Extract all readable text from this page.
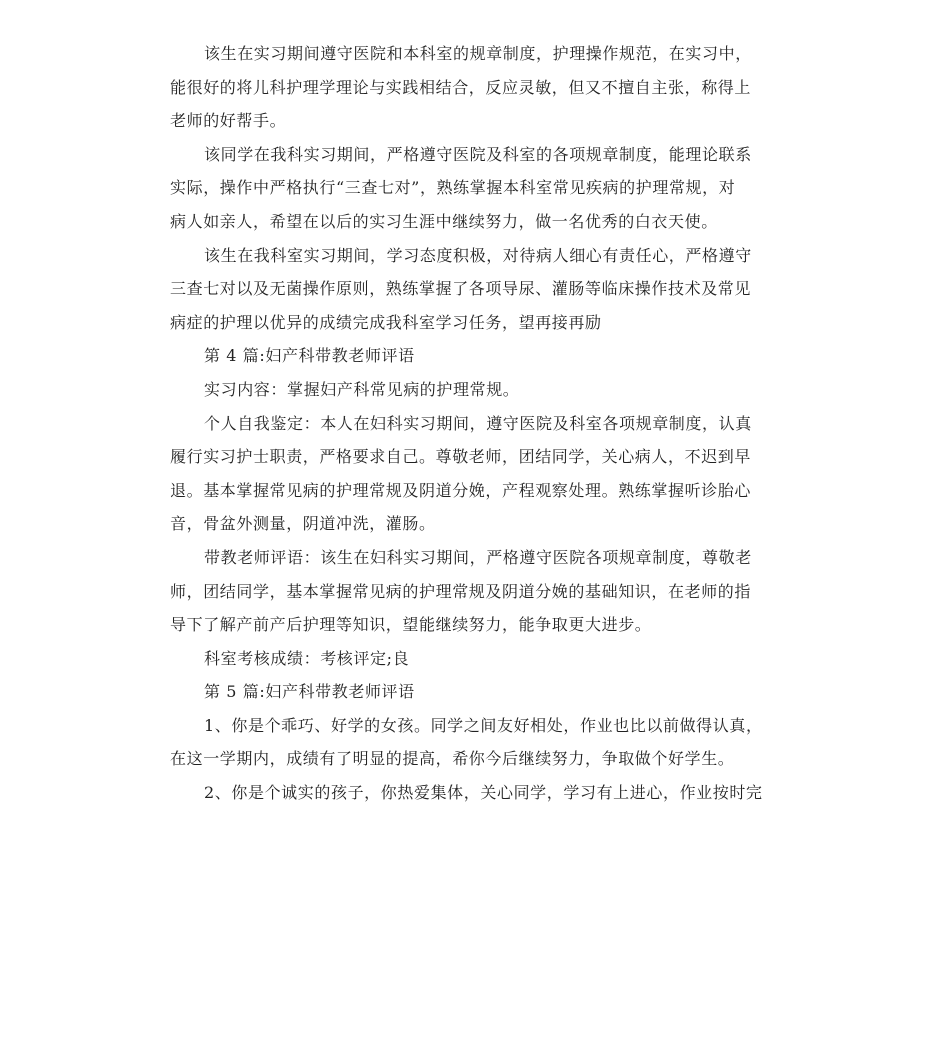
该生在实习期间遵守医院和本科室的规章制度，护理操作规范，在实习中，
能很好的将儿科护理学理论与实践相结合，反应灵敏，但又不擅自主张，称得上
老师的好帮手。

该同学在我科实习期间，严格遵守医院及科室的各项规章制度，能理论联系
实际，操作中严格执行“三查七对”，熟练掌握本科室常见疾病的护理常规，对
病人如亲人，希望在以后的实习生涯中继续努力，做一名优秀的白衣天使。

该生在我科室实习期间，学习态度积极，对待病人细心有责任心，严格遵守
三查七对以及无菌操作原则，熟练掌握了各项导尿、灌肠等临床操作技术及常见
病症的护理以优异的成绩完成我科室学习任务，望再接再励

第 4 篇:妇产科带教老师评语

实习内容：掌握妇产科常见病的护理常规。

个人自我鉴定：本人在妇科实习期间，遵守医院及科室各项规章制度，认真
履行实习护士职责，严格要求自己。尊敬老师，团结同学，关心病人，不迟到早
退。基本掌握常见病的护理常规及阴道分娩，产程观察处理。熟练掌握听诊胎心
音，骨盆外测量，阴道冲洗，灌肠。

带教老师评语：该生在妇科实习期间，严格遵守医院各项规章制度，尊敬老
师，团结同学，基本掌握常见病的护理常规及阴道分娩的基础知识，在老师的指
导下了解产前产后护理等知识，望能继续努力，能争取更大进步。

科室考核成绩：考核评定;良

第 5 篇:妇产科带教老师评语

1、你是个乖巧、好学的女孩。同学之间友好相处，作业也比以前做得认真，
在这一学期内，成绩有了明显的提高，希你今后继续努力，争取做个好学生。

2、你是个诚实的孩子，你热爱集体，关心同学，学习有上进心，作业按时完
